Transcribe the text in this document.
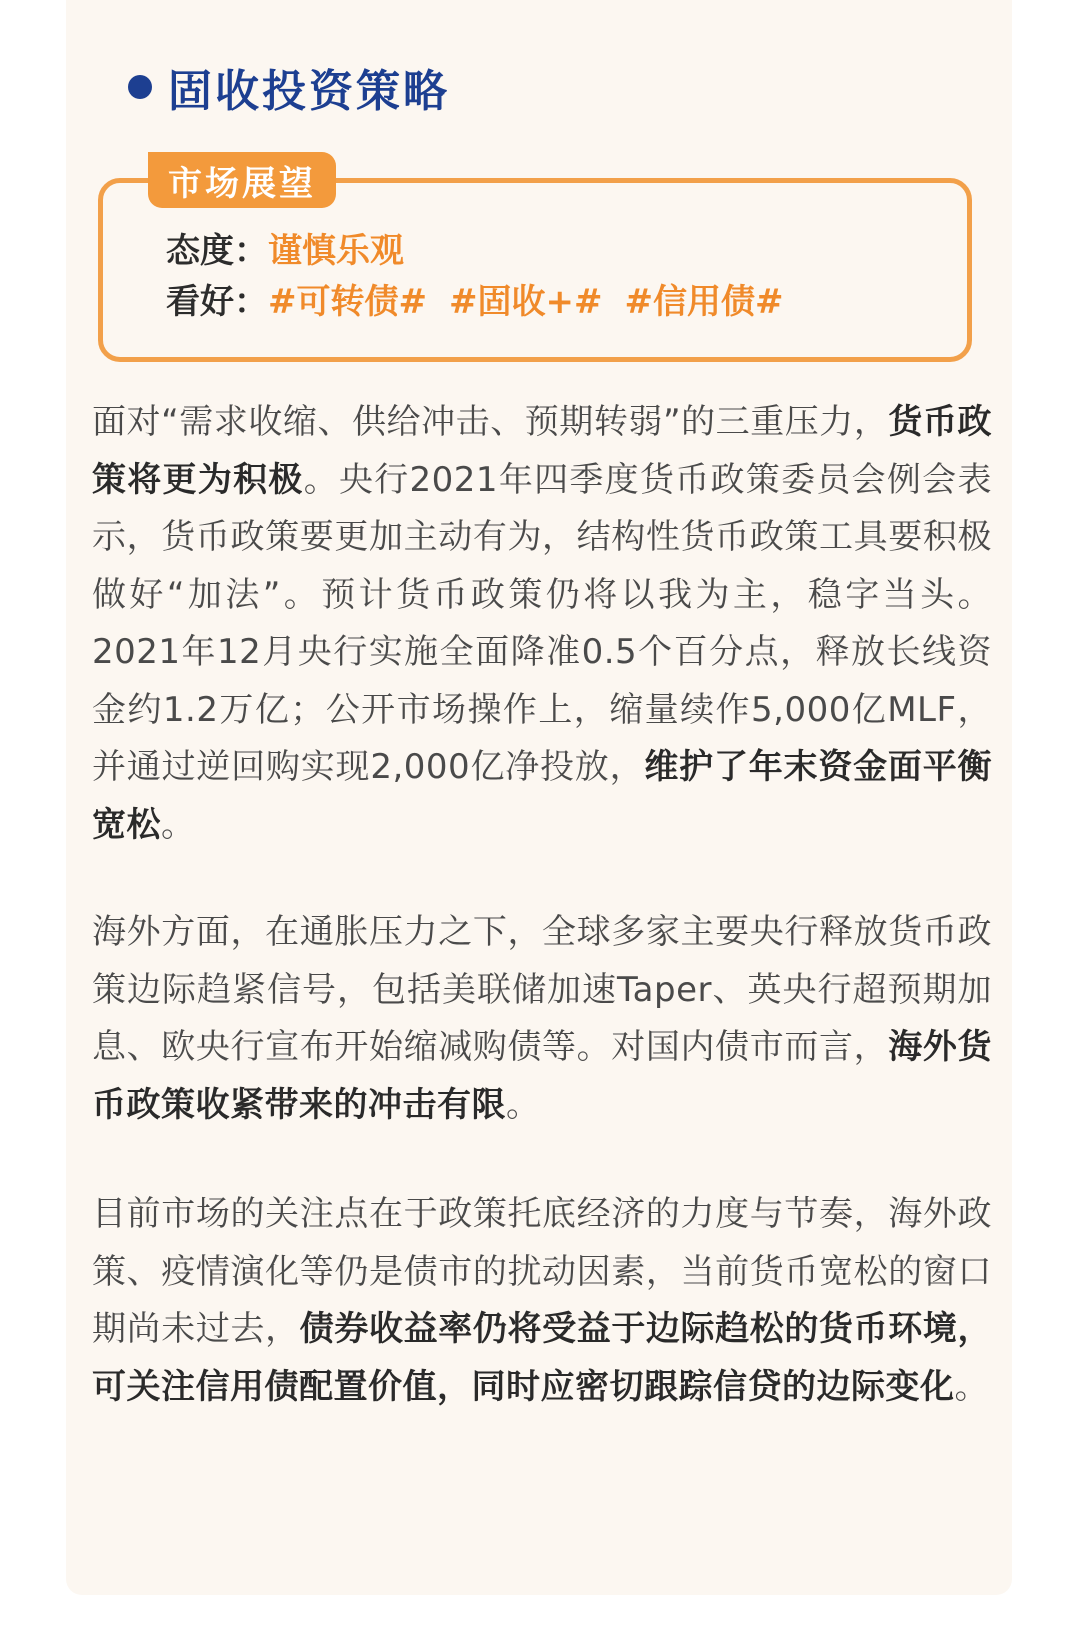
固收投资策略
市场展望
态度：谨慎乐观
看好：#可转债# #固收+# #信用债#

面对“需求收缩、供给冲击、预期转弱”的三重压力，货币政策将更为积极。央行2021年四季度货币政策委员会例会表示，货币政策要更加主动有为，结构性货币政策工具要积极做好“加法”。预计货币政策仍将以我为主，稳字当头。2021年12月央行实施全面降准0.5个百分点，释放长线资金约1.2万亿；公开市场操作上，缩量续作5,000亿MLF，并通过逆回购实现2,000亿净投放，维护了年末资金面平衡宽松。

海外方面，在通胀压力之下，全球多家主要央行释放货币政策边际趋紧信号，包括美联储加速Taper、英央行超预期加息、欧央行宣布开始缩减购债等。对国内债市而言，海外货币政策收紧带来的冲击有限。

目前市场的关注点在于政策托底经济的力度与节奏，海外政策、疫情演化等仍是债市的扰动因素，当前货币宽松的窗口期尚未过去，债券收益率仍将受益于边际趋松的货币环境，可关注信用债配置价值，同时应密切跟踪信贷的边际变化。
